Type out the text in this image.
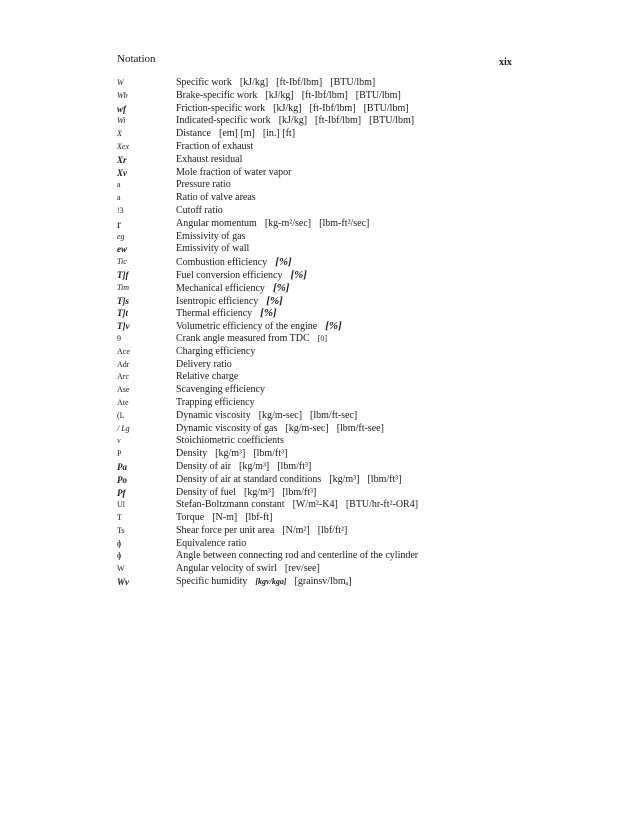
Notation	xix
W	Specific work [kJ/kg] [ft-Ibf/lbm] [BTU/lbm]
Wb	Brake-specific work [kJ/kg] [ft-Ibf/lbm] [BTU/lbm]
wf	Friction-specific work [kJ/kg] [ft-Ibf/lbm] [BTU/lbm]
Wi	Indicated-specific work [kJ/kg] [ft-Ibf/lbm] [BTU/lbm]
X	Distance [em] [m] [in.] [ft]
Xex	Fraction of exhaust
Xr	Exhaust residual
Xv	Mole fraction of water vapor
a	Pressure ratio
a	Ratio of valve areas
!3	Cutoff ratio
r	Angular momentum [kg-m²/sec] [lbm-ft²/sec]
eg	Emissivity of gas
ew	Emissivity of wall
Tic	Combustion efficiency [%]
T]f	Fuel conversion efficiency [%]
Tim	Mechanical efficiency [%]
T]s	Isentropic efficiency [%]
T]t	Thermal efficiency [%]
T]v	Volumetric efficiency of the engine [%]
9	Crank angle measured from TDC [0]
Ace	Charging efficiency
Adr	Delivery ratio
Arc	Relative charge
Ase	Scavenging efficiency
Ate	Trapping efficiency
(L	Dynamic viscosity [kg/m-sec] [lbm/ft-sec]
/ Lg	Dynamic viscosity of gas [kg/m-sec] [lbm/ft-see]
v	Stoichiometric coefficients
P	Density [kg/m³] [lbm/ft³]
Pa	Density of air [kg/m³] [lbm/ft³]
Po	Density of air at standard conditions [kg/m³] [lbm/ft³]
Pf	Density of fuel [kg/m³] [lbm/ft³]
Ul	Stefan-Boltzmann constant [W/m²-K4] [BTU/hr-ft²-OR4]
T	Torque [N-m] [lbf-ft]
Ts	Shear force per unit area [N/m²] [lbf/ft²]
ɸ	Equivalence ratio
ɸ	Angle between connecting rod and centerline of the cylinder
W	Angular velocity of swirl [rev/see]
Wv	Specific humidity [kgv/kga] [grainsv/lbmₐ]
